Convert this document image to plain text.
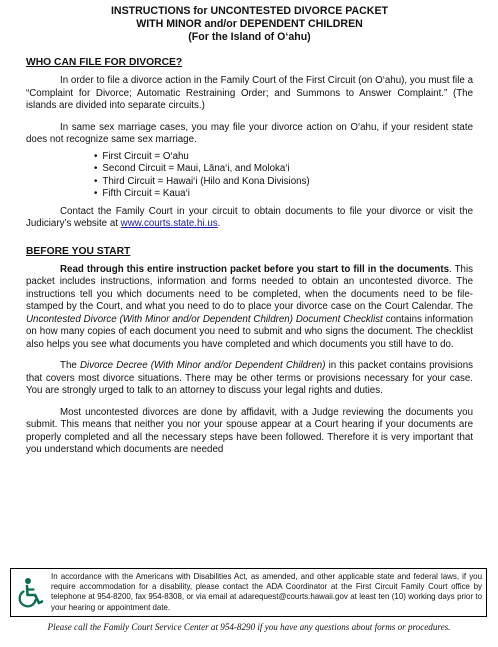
INSTRUCTIONS for UNCONTESTED DIVORCE PACKET
WITH MINOR and/or DEPENDENT CHILDREN
(For the Island of O‘ahu)
WHO CAN FILE FOR DIVORCE?

In order to file a divorce action in the Family Court of the First Circuit (on O‘ahu), you must file a “Complaint for Divorce; Automatic Restraining Order; and Summons to Answer Complaint.” (The islands are divided into separate circuits.)

In same sex marriage cases, you may file your divorce action on O‘ahu, if your resident state does not recognize same sex marriage.

• First Circuit = O‘ahu
• Second Circuit = Maui, Lāna‘i, and Moloka‘i
• Third Circuit = Hawai‘i (Hilo and Kona Divisions)
• Fifth Circuit = Kaua‘i

Contact the Family Court in your circuit to obtain documents to file your divorce or visit the Judiciary’s website at www.courts.state.hi.us.

BEFORE YOU START

Read through this entire instruction packet before you start to fill in the documents. This packet includes instructions, information and forms needed to obtain an uncontested divorce. The instructions tell you which documents need to be completed, when the documents need to be file-stamped by the Court, and what you need to do to place your divorce case on the Court Calendar. The Uncontested Divorce (With Minor and/or Dependent Children) Document Checklist contains information on how many copies of each document you need to submit and who signs the document. The checklist also helps you see what documents you have completed and which documents you still have to do.

The Divorce Decree (With Minor and/or Dependent Children) in this packet contains provisions that covers most divorce situations. There may be other terms or provisions necessary for your case. You are strongly urged to talk to an attorney to discuss your legal rights and duties.

Most uncontested divorces are done by affidavit, with a Judge reviewing the documents you submit. This means that neither you nor your spouse appear at a Court hearing if your documents are properly completed and all the necessary steps have been followed. Therefore it is very important that you understand which documents are needed

In accordance with the Americans with Disabilities Act, as amended, and other applicable state and federal laws, if you require accommodation for a disability, please contact the ADA Coordinator at the First Circuit Family Court office by telephone at 954-8200, fax 954-8308, or via email at adarequest@courts.hawaii.gov at least ten (10) working days prior to your hearing or appointment date.
Please call the Family Court Service Center at 954-8290 if you have any questions about forms or procedures.
